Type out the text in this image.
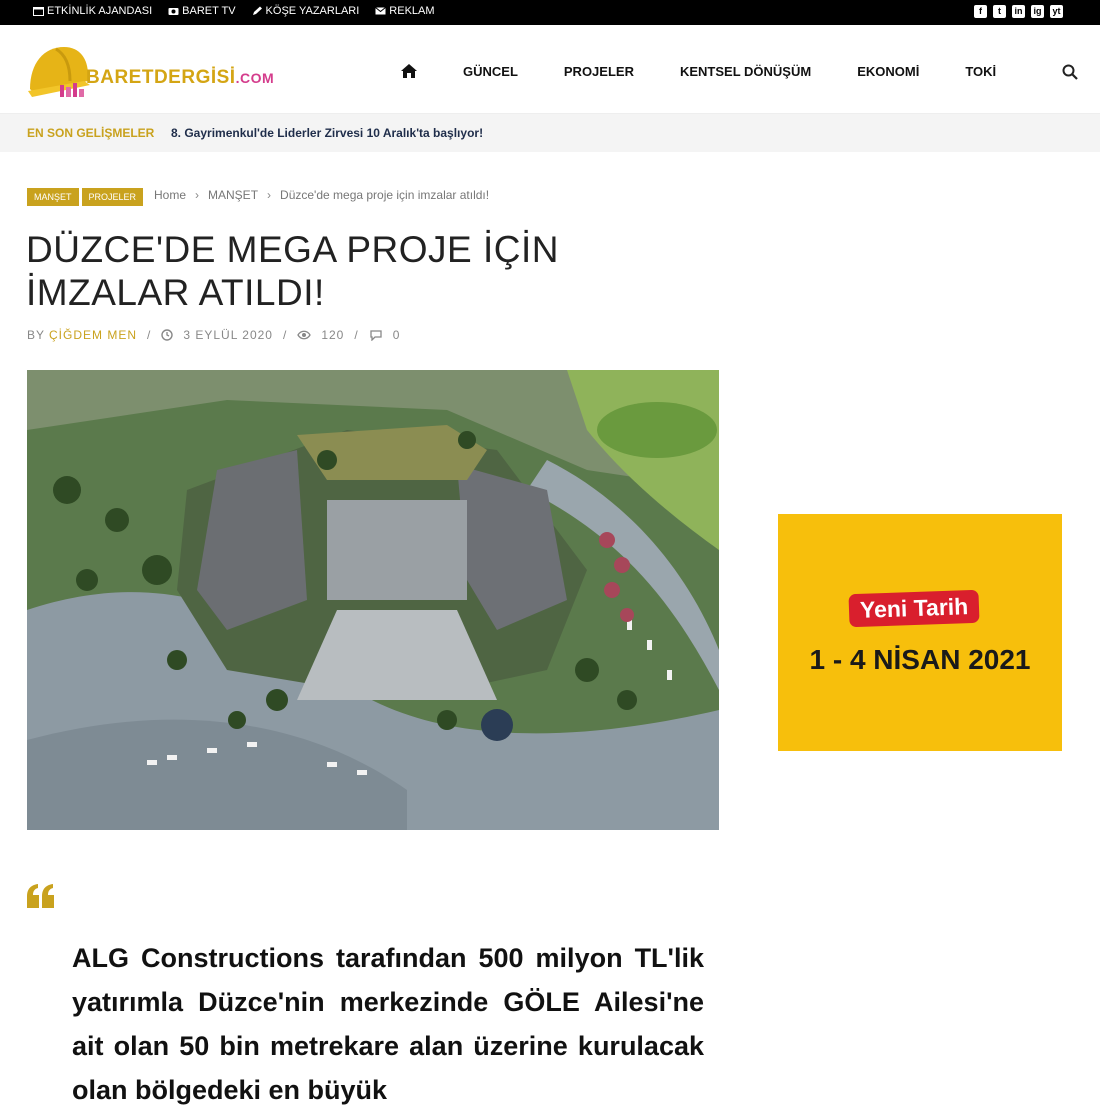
ETKİNLİK AJANDASI	BARET TV	KÖŞE YAZARLARI	REKLAM	f	t	in ig yt
BARETDERGİSİ.COM	GÜNCEL	PROJELER	KENTSEL DÖNÜŞÜM	EKONOMİ	TOKİ
EN SON GELİŞMELER 8. Gayrimenkul'de Liderler Zirvesi 10 Aralık'ta başlıyor!
MANŞET	PROJELER	Home › MANŞET › Düzce'de mega proje için imzalar atıldı!
DÜZCE'DE MEGA PROJE İÇİN İMZALAR ATILDI!
BY ÇİĞDEM MEN /	3 EYLÜL 2020 /	120 /	0
Yeni Tarih
1 - 4 NİSAN 2021

ALG Constructions tarafından 500 milyon TL'lik yatırımla Düzce'nin merkezinde GÖLE Ailesi'ne ait olan 50 bin metrekare alan üzerine kurulacak olan bölgedeki en büyük
